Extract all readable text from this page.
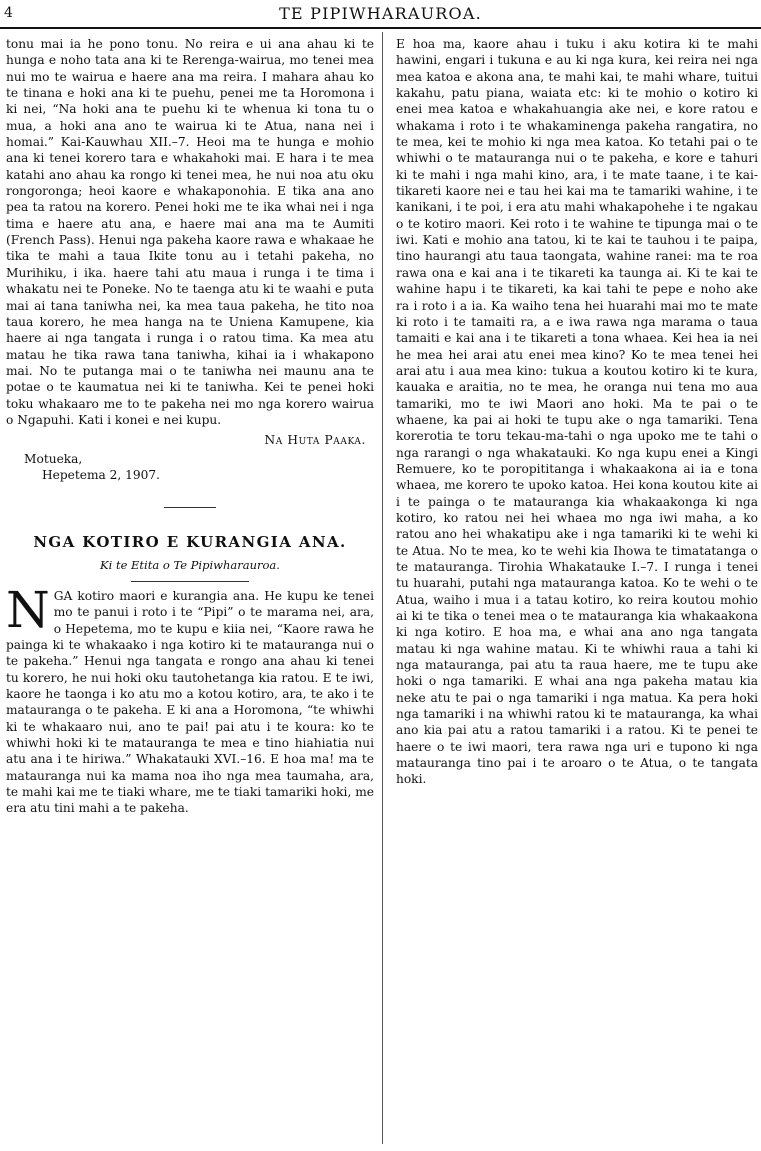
4	TE PIPIWHARAUROA.

tonu mai ia he pono tonu. No reira e ui ana ahau ki te hunga e noho tata ana ki te Rerenga-wairua, mo tenei mea nui mo te wairua e haere ana ma reira. I mahara ahau ko te tinana e hoki ana ki te puehu, penei me ta Horomona i ki nei, “Na hoki ana te puehu ki te whenua ki tona tu o mua, a hoki ana ano te wairua ki te Atua, nana nei i homai.” Kai-Kauwhau XII.–7. Heoi ma te hunga e mohio ana ki tenei korero tara e whakahoki mai. E hara i te mea katahi ano ahau ka rongo ki tenei mea, he nui noa atu oku rongoronga; heoi kaore e whakaponohia. E tika ana ano pea ta ratou na korero. Penei hoki me te ika whai nei i nga tima e haere atu ana, e haere mai ana ma te Aumiti (French Pass). Henui nga pakeha kaore rawa e whakaae he tika te mahi a taua Ikite tonu au i tetahi pakeha, no Murihiku, i ika. haere tahi atu maua i runga i te tima i whakatu nei te Poneke. No te taenga atu ki te waahi e puta mai ai tana taniwha nei, ka mea taua pakeha, he tito noa taua korero, he mea hanga na te Uniena Kamupene, kia haere ai nga tangata i runga i o ratou tima. Ka mea atu matau he tika rawa tana taniwha, kihai ia i whakapono mai. No te putanga mai o te taniwha nei maunu ana te potae o te kaumatua nei ki te taniwha. Kei te penei hoki toku whakaaro me to te pakeha nei mo nga korero wairua o Ngapuhi. Kati i konei e nei kupu.

Na Huta Paaka.

Motueka,

Hepetema 2, 1907.

NGA KOTIRO E KURANGIA ANA.

Ki te Etita o Te Pipiwharauroa.

NGA kotiro maori e kurangia ana. He kupu ke tenei mo te panui i roto i te “Pipi” o te marama nei, ara, o Hepetema, mo te kupu e kiia nei, “Kaore rawa he painga ki te whakaako i nga kotiro ki te matauranga nui o te pakeha.” Henui nga tangata e rongo ana ahau ki tenei tu korero, he nui hoki oku tautohetanga kia ratou. E te iwi, kaore he taonga i ko atu mo a kotou kotiro, ara, te ako i te matauranga o te pakeha. E ki ana a Horomona, “te whiwhi ki te whakaaro nui, ano te pai! pai atu i te koura: ko te whiwhi hoki ki te matauranga te mea e tino hiahiatia nui atu ana i te hiriwa.” Whakatauki XVI.–16. E hoa ma! ma te matauranga nui ka mama noa iho nga mea taumaha, ara, te mahi kai me te tiaki whare, me te tiaki tamariki hoki, me era atu tini mahi a te pakeha.

E hoa ma, kaore ahau i tuku i aku kotira ki te mahi hawini, engari i tukuna e au ki nga kura, kei reira nei nga mea katoa e akona ana, te mahi kai, te mahi whare, tuitui kakahu, patu piana, waiata etc: ki te mohio o kotiro ki enei mea katoa e whakahuangia ake nei, e kore ratou e whakama i roto i te whakaminenga pakeha rangatira, no te mea, kei te mohio ki nga mea katoa. Ko tetahi pai o te whiwhi o te matauranga nui o te pakeha, e kore e tahuri ki te mahi i nga mahi kino, ara, i te mate taane, i te kai-tikareti kaore nei e tau hei kai ma te tamariki wahine, i te kanikani, i te poi, i era atu mahi whakapohehe i te ngakau o te kotiro maori. Kei roto i te wahine te tipunga mai o te iwi. Kati e mohio ana tatou, ki te kai te tauhou i te paipa, tino haurangi atu taua taongata, wahine ranei: ma te roa rawa ona e kai ana i te tikareti ka taunga ai. Ki te kai te wahine hapu i te tikareti, ka kai tahi te pepe e noho ake ra i roto i a ia. Ka waiho tena hei huarahi mai mo te mate ki roto i te tamaiti ra, a e iwa rawa nga marama o taua tamaiti e kai ana i te tikareti a tona whaea. Kei hea ia nei he mea hei arai atu enei mea kino? Ko te mea tenei hei arai atu i aua mea kino: tukua a koutou kotiro ki te kura, kauaka e araitia, no te mea, he oranga nui tena mo aua tamariki, mo te iwi Maori ano hoki. Ma te pai o te whaene, ka pai ai hoki te tupu ake o nga tamariki. Tena korerotia te toru tekau-ma-tahi o nga upoko me te tahi o nga rarangi o nga whakatauki. Ko nga kupu enei a Kingi Remuere, ko te poropititanga i whakaakona ai ia e tona whaea, me korero te upoko katoa. Hei kona koutou kite ai i te painga o te matauranga kia whakaakonga ki nga kotiro, ko ratou nei hei whaea mo nga iwi maha, a ko ratou ano hei whakatipu ake i nga tamariki ki te wehi ki te Atua. No te mea, ko te wehi kia Ihowa te timatatanga o te matauranga. Tirohia Whakatauke I.–7. I runga i tenei tu huarahi, putahi nga matauranga katoa. Ko te wehi o te Atua, waiho i mua i a tatau kotiro, ko reira koutou mohio ai ki te tika o tenei mea o te matauranga kia whakaakona ki nga kotiro. E hoa ma, e whai ana ano nga tangata matau ki nga wahine matau. Ki te whiwhi raua a tahi ki nga matauranga, pai atu ta raua haere, me te tupu ake hoki o nga tamariki. E whai ana nga pakeha matau kia neke atu te pai o nga tamariki i nga matua. Ka pera hoki nga tamariki i na whiwhi ratou ki te matauranga, ka whai ano kia pai atu a ratou tamariki i a ratou. Ki te penei te haere o te iwi maori, tera rawa nga uri e tupono ki nga matauranga tino pai i te aroaro o te Atua, o te tangata hoki.
